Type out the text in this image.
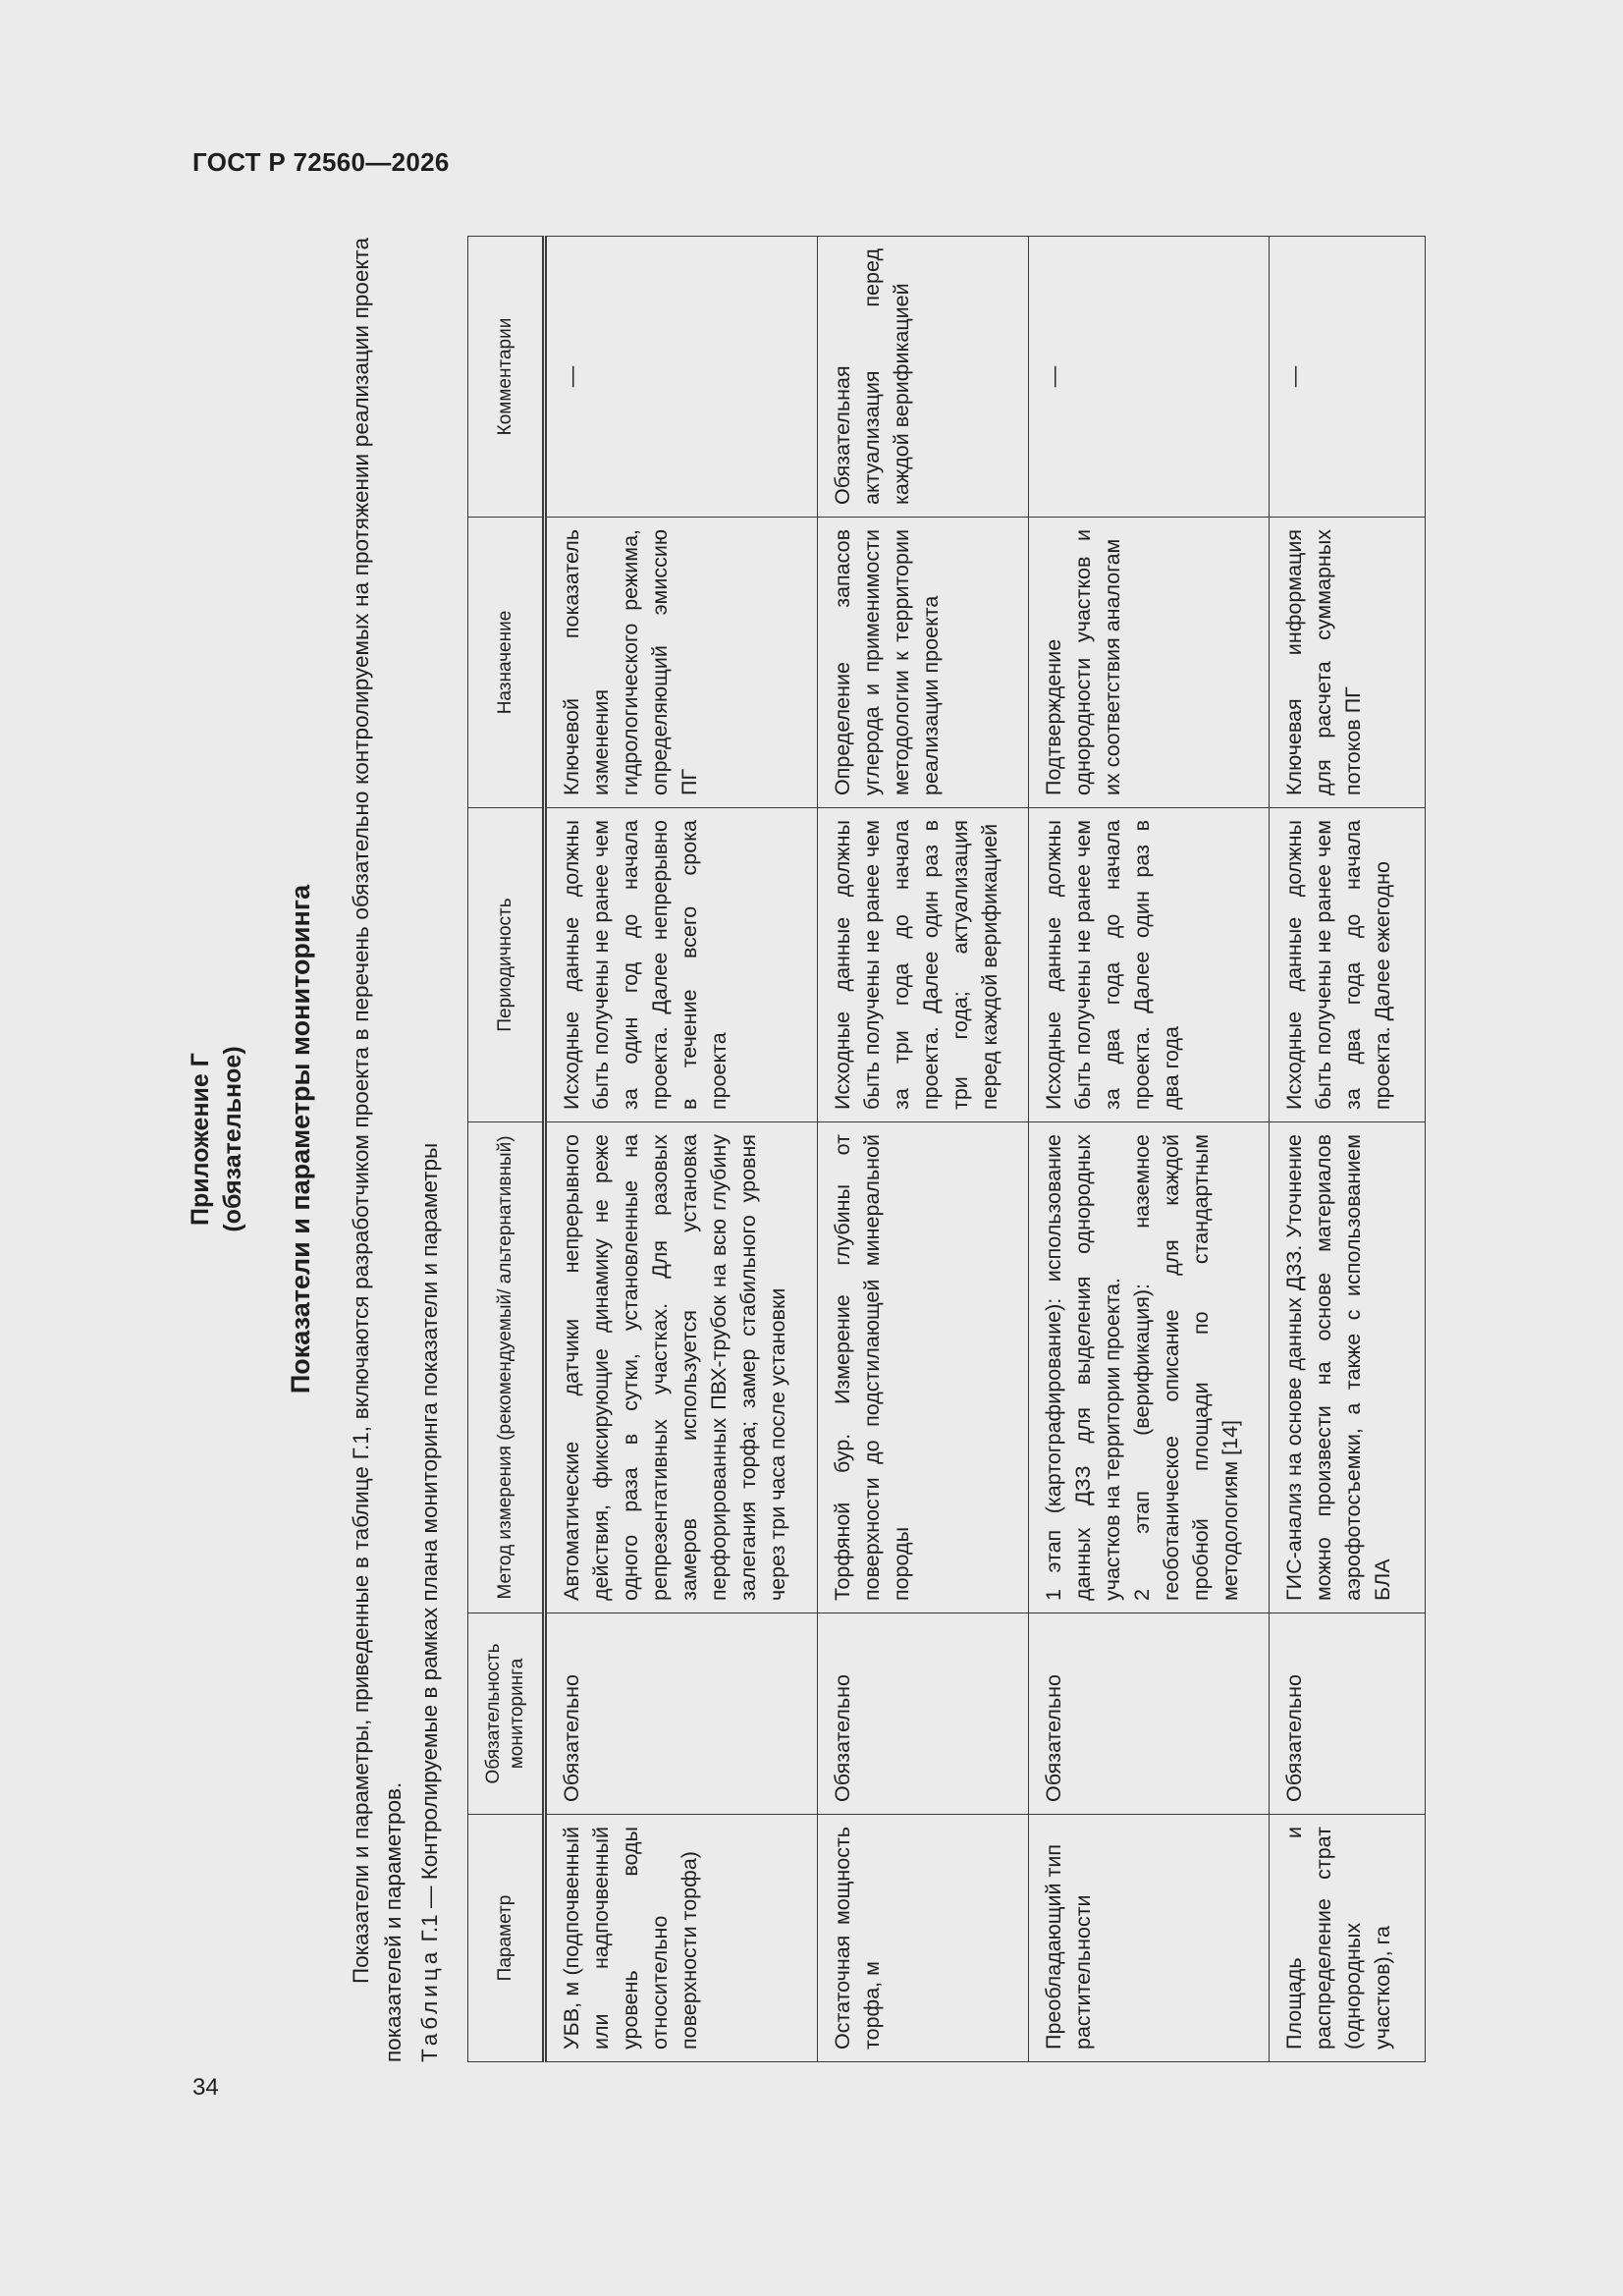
ГОСТ Р 72560—2026
34
Приложение Г (обязательное) Показатели и параметры мониторинга Показатели и параметры, приведенные в таблице Г.1, включаются разработчиком проекта в перечень обязательно контролируемых на протяжении реализации проекта показателей и параметров. Таблица Г.1 — Контролируемые в рамках плана мониторинга показатели и параметры	Параметр	Обязательность мониторинга	Метод измерения (рекомендуемый/ альтернативный)	Периодичность	Назначение	Комментарии
УБВ, м (подпочвенный или надпочвенный уровень воды относительно поверхности торфа)	Обязательно	Автоматические датчики непрерывного действия, фиксирующие динамику не реже одного раза в сутки, установленные на репрезентативных участках. Для разовых замеров используется установка перфорированных ПВХ-трубок на всю глубину залегания торфа; замер стабильного уровня через три часа после установки	Исходные данные должны быть получены не ранее чем за один год до начала проекта. Далее непрерывно в течение всего срока проекта	Ключевой показатель изменения гидрологического режима, определяющий эмиссию ПГ	—
Остаточная мощность торфа, м	Обязательно	Торфяной бур. Измерение глубины от поверхности до подстилающей минеральной породы	Исходные данные должны быть получены не ранее чем за три года до начала проекта. Далее один раз в три года; актуализация перед каждой верификацией	Определение запасов углерода и применимости методологии к территории реализации проекта	Обязательная актуализация перед каждой верификацией
Преобладающий тип растительности	Обязательно	1 этап (картографирование): использование данных ДЗЗ для выделения однородных участков на территории проекта. 2 этап (верификация): наземное геоботаническое описание для каждой пробной площади по стандартным методологиям [14]	Исходные данные должны быть получены не ранее чем за два года до начала проекта. Далее один раз в два года	Подтверждение однородности участков и их соответствия аналогам	—
Площадь и распределение страт (однородных участков), га	Обязательно	ГИС-анализ на основе данных ДЗЗ. Уточнение можно произвести на основе материалов аэрофотосъемки, а также с использованием БЛА	Исходные данные должны быть получены не ранее чем за два года до начала проекта. Далее ежегодно	Ключевая информация для расчета суммарных потоков ПГ	—
